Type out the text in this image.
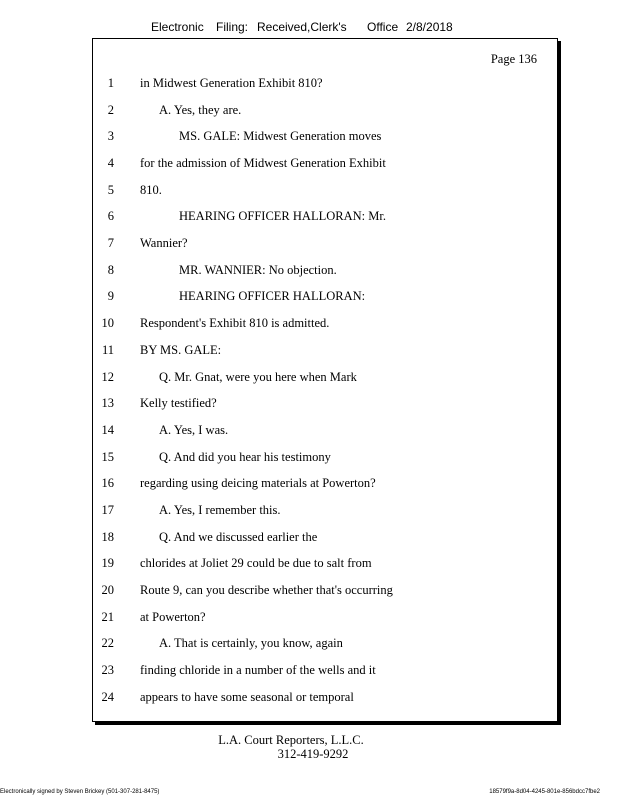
Electronic Filing: Received,Clerk's Office 2/8/2018
Page 136
1 in Midwest Generation Exhibit 810?
2	A. Yes, they are.
3	MS. GALE: Midwest Generation moves
4 for the admission of Midwest Generation Exhibit
5 810.
6	HEARING OFFICER HALLORAN: Mr.
7 Wannier?
8	MR. WANNIER: No objection.
9	HEARING OFFICER HALLORAN:
10 Respondent's Exhibit 810 is admitted.
11 BY MS. GALE:
12	Q. Mr. Gnat, were you here when Mark
13 Kelly testified?
14	A. Yes, I was.
15	Q. And did you hear his testimony
16 regarding using deicing materials at Powerton?
17	A. Yes, I remember this.
18	Q. And we discussed earlier the
19 chlorides at Joliet 29 could be due to salt from
20 Route 9, can you describe whether that's occurring
21 at Powerton?
22	A. That is certainly, you know, again
23 finding chloride in a number of the wells and it
24 appears to have some seasonal or temporal
L.A. Court Reporters, L.L.C.
312-419-9292
Electronically signed by Steven Brickey (501-307-281-8475)	18579f9a-8d04-4245-801e-856bdcc7fbe2
